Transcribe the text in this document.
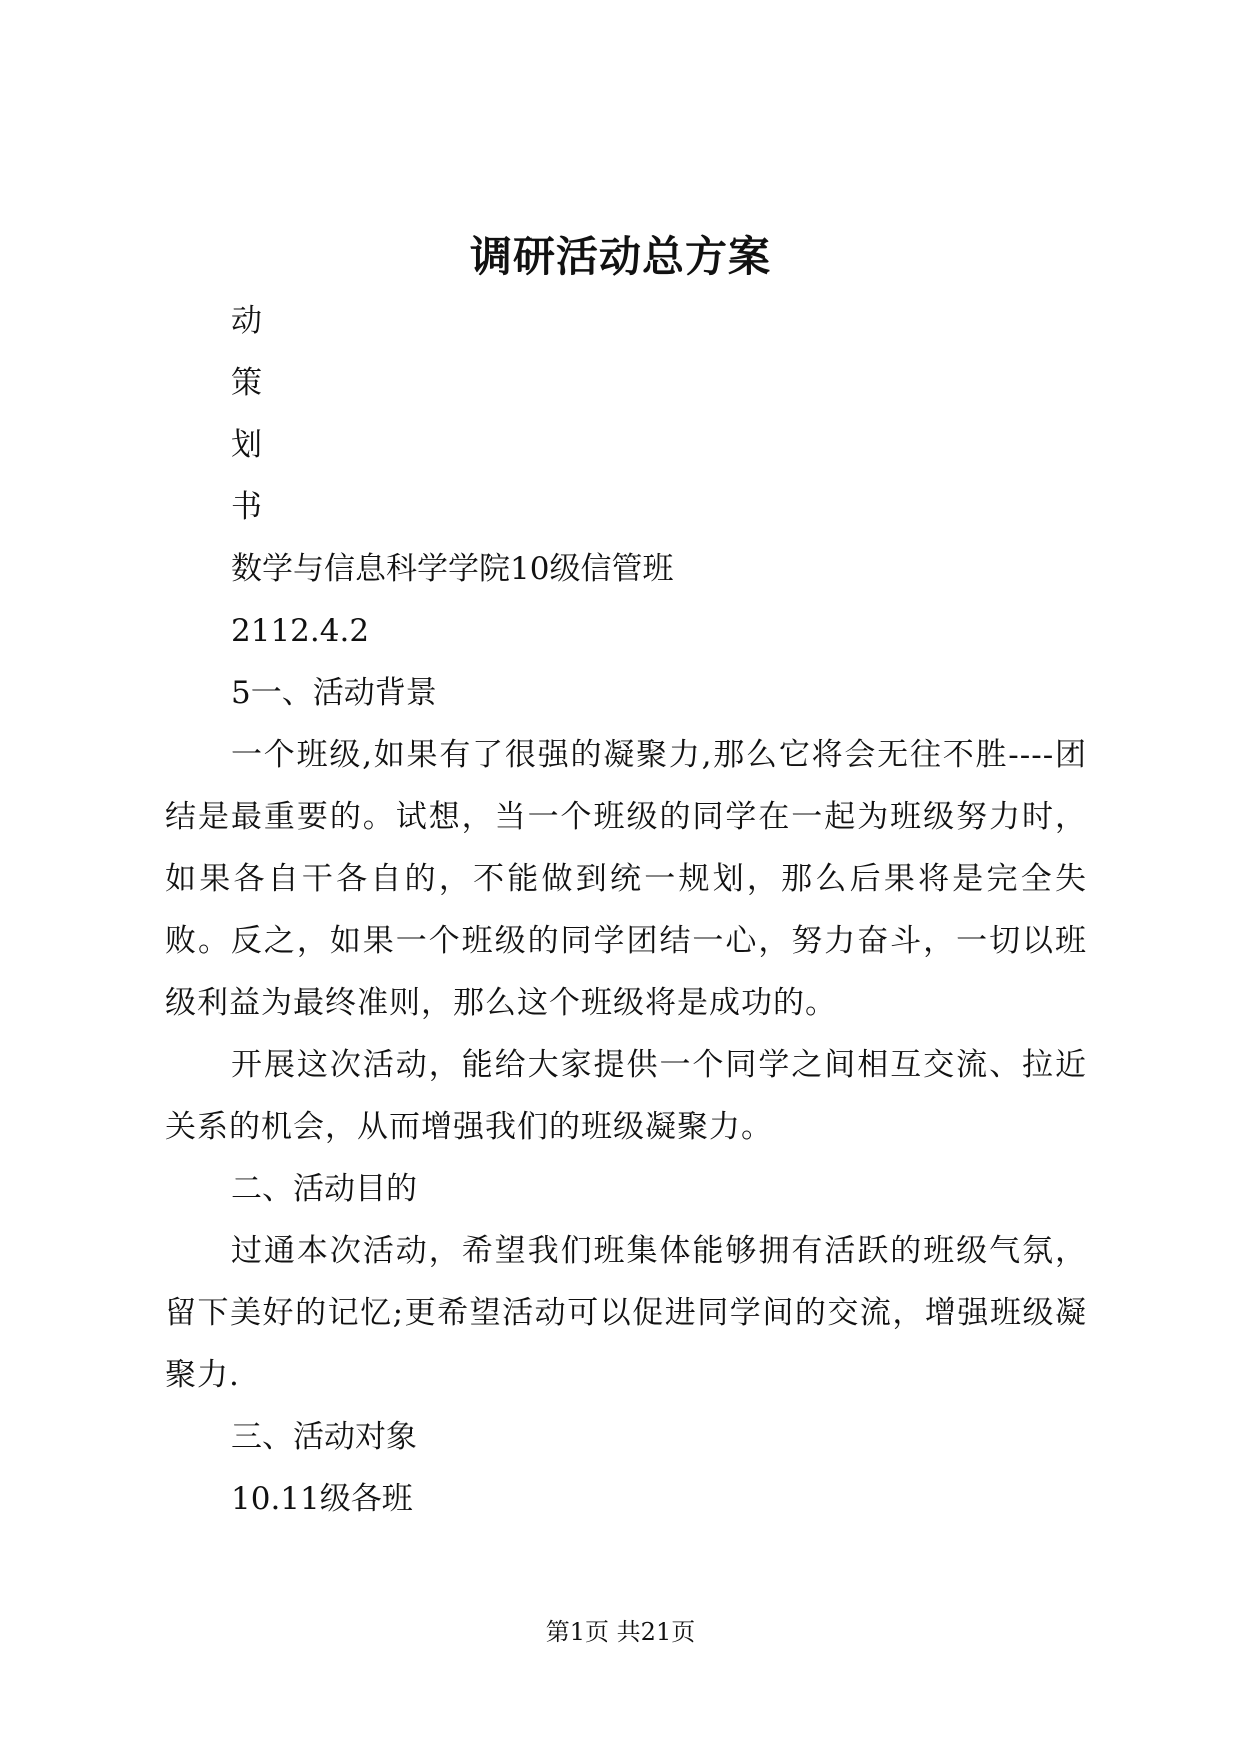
调研活动总方案

动

策

划

书

数学与信息科学学院10级信管班

2112.4.2

5一、活动背景

一个班级,如果有了很强的凝聚力,那么它将会无往不胜----团结是最重要的。试想，当一个班级的同学在一起为班级努力时，如果各自干各自的，不能做到统一规划，那么后果将是完全失败。反之，如果一个班级的同学团结一心，努力奋斗，一切以班级利益为最终准则，那么这个班级将是成功的。

开展这次活动，能给大家提供一个同学之间相互交流、拉近关系的机会，从而增强我们的班级凝聚力。

二、活动目的

过通本次活动，希望我们班集体能够拥有活跃的班级气氛，留下美好的记忆;更希望活动可以促进同学间的交流，增强班级凝聚力.

三、活动对象

10.11级各班

第1页 共21页
